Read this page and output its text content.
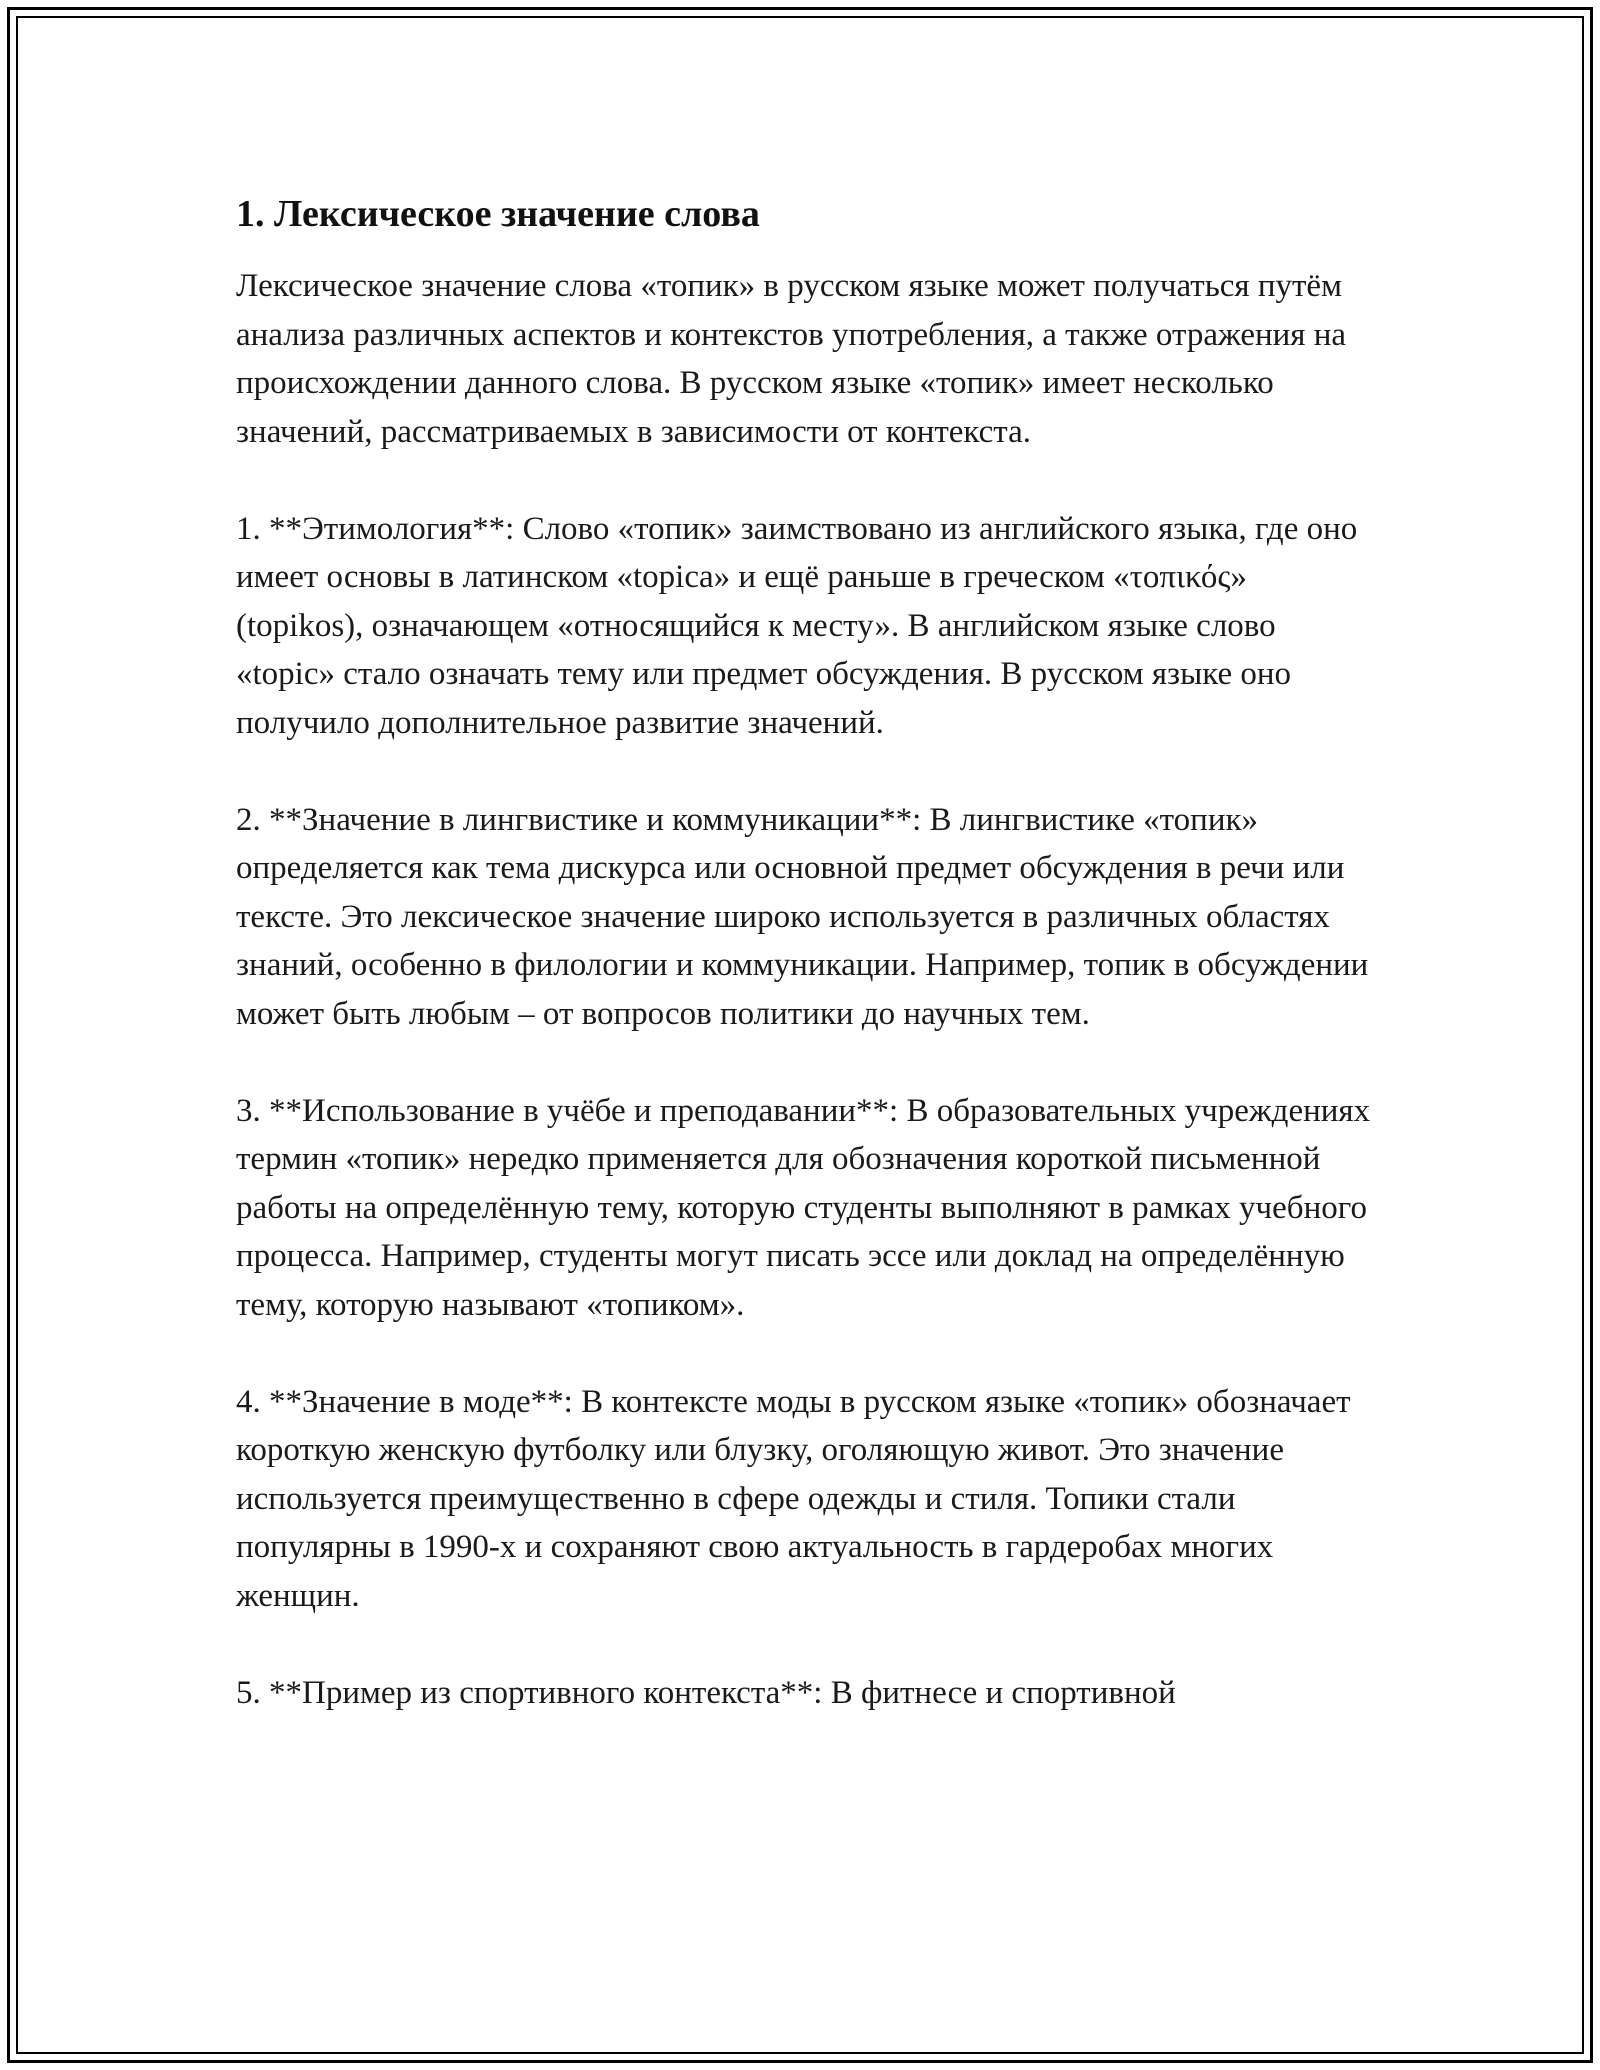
1. Лексическое значение слова

Лексическое значение слова «топик» в русском языке может получаться путём анализа различных аспектов и контекстов употребления, а также отражения на происхождении данного слова. В русском языке «топик» имеет несколько значений, рассматриваемых в зависимости от контекста.

1. **Этимология**: Слово «топик» заимствовано из английского языка, где оно имеет основы в латинском «topica» и ещё раньше в греческом «τοπικός» (topikos), означающем «относящийся к месту». В английском языке слово «topic» стало означать тему или предмет обсуждения. В русском языке оно получило дополнительное развитие значений.

2. **Значение в лингвистике и коммуникации**: В лингвистике «топик» определяется как тема дискурса или основной предмет обсуждения в речи или тексте. Это лексическое значение широко используется в различных областях знаний, особенно в филологии и коммуникации. Например, топик в обсуждении может быть любым – от вопросов политики до научных тем.

3. **Использование в учёбе и преподавании**: В образовательных учреждениях термин «топик» нередко применяется для обозначения короткой письменной работы на определённую тему, которую студенты выполняют в рамках учебного процесса. Например, студенты могут писать эссе или доклад на определённую тему, которую называют «топиком».

4. **Значение в моде**: В контексте моды в русском языке «топик» обозначает короткую женскую футболку или блузку, оголяющую живот. Это значение используется преимущественно в сфере одежды и стиля. Топики стали популярны в 1990-х и сохраняют свою актуальность в гардеробах многих женщин.

5. **Пример из спортивного контекста**: В фитнесе и спортивной
